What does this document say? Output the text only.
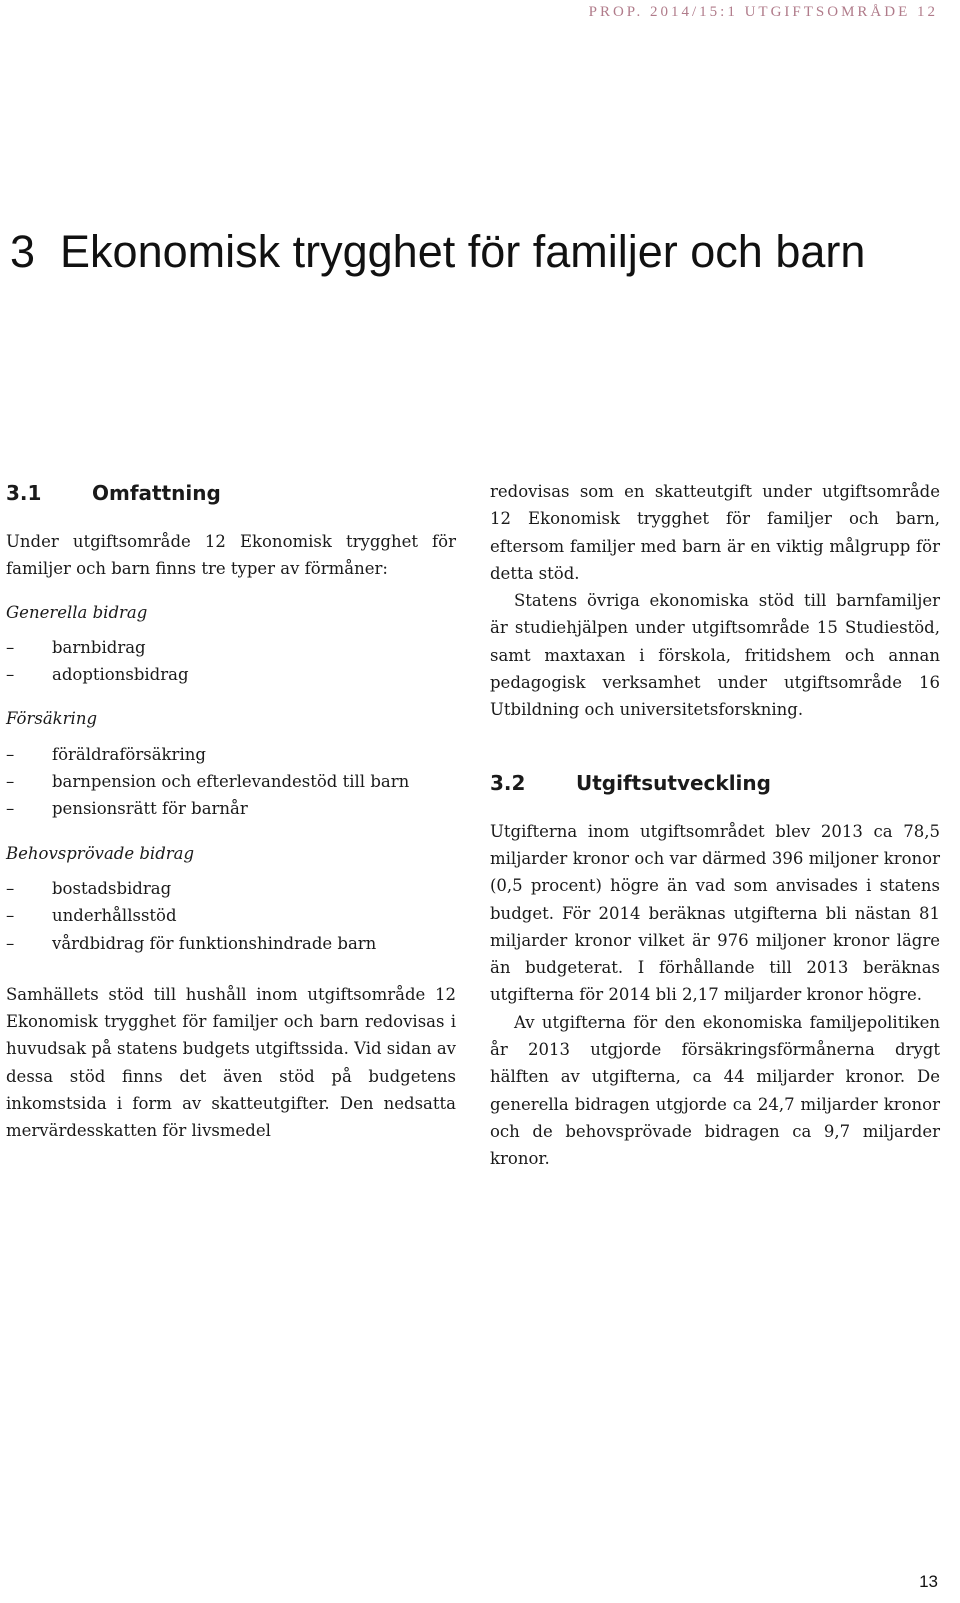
PROP. 2014/15:1 UTGIFTSOMRÅDE 12
3 Ekonomisk trygghet för familjer och barn
3.1	Omfattning

Under utgiftsområde 12 Ekonomisk trygghet för familjer och barn finns tre typer av förmåner:

Generella bidrag

–	barnbidrag
–	adoptionsbidrag

Försäkring

–	föräldraförsäkring
–	barnpension och efterlevandestöd till barn
–	pensionsrätt för barnår

Behovsprövade bidrag

–	bostadsbidrag
–	underhållsstöd
–	vårdbidrag för funktionshindrade barn

Samhällets stöd till hushåll inom utgiftsområde 12 Ekonomisk trygghet för familjer och barn redovisas i huvudsak på statens budgets utgiftssida. Vid sidan av dessa stöd finns det även stöd på budgetens inkomstsida i form av skatteutgifter. Den nedsatta mervärdesskatten för livsmedel

redovisas som en skatteutgift under utgiftsområde 12 Ekonomisk trygghet för familjer och barn, eftersom familjer med barn är en viktig målgrupp för detta stöd.

Statens övriga ekonomiska stöd till barnfamiljer är studiehjälpen under utgiftsområde 15 Studiestöd, samt maxtaxan i förskola, fritidshem och annan pedagogisk verksamhet under utgiftsområde 16 Utbildning och universitetsforskning.

3.2	Utgiftsutveckling

Utgifterna inom utgiftsområdet blev 2013 ca 78,5 miljarder kronor och var därmed 396 miljoner kronor (0,5 procent) högre än vad som anvisades i statens budget. För 2014 beräknas utgifterna bli nästan 81 miljarder kronor vilket är 976 miljoner kronor lägre än budgeterat. I förhållande till 2013 beräknas utgifterna för 2014 bli 2,17 miljarder kronor högre.

Av utgifterna för den ekonomiska familjepolitiken år 2013 utgjorde försäkringsförmånerna drygt hälften av utgifterna, ca 44 miljarder kronor. De generella bidragen utgjorde ca 24,7 miljarder kronor och de behovsprövade bidragen ca 9,7 miljarder kronor.

13
